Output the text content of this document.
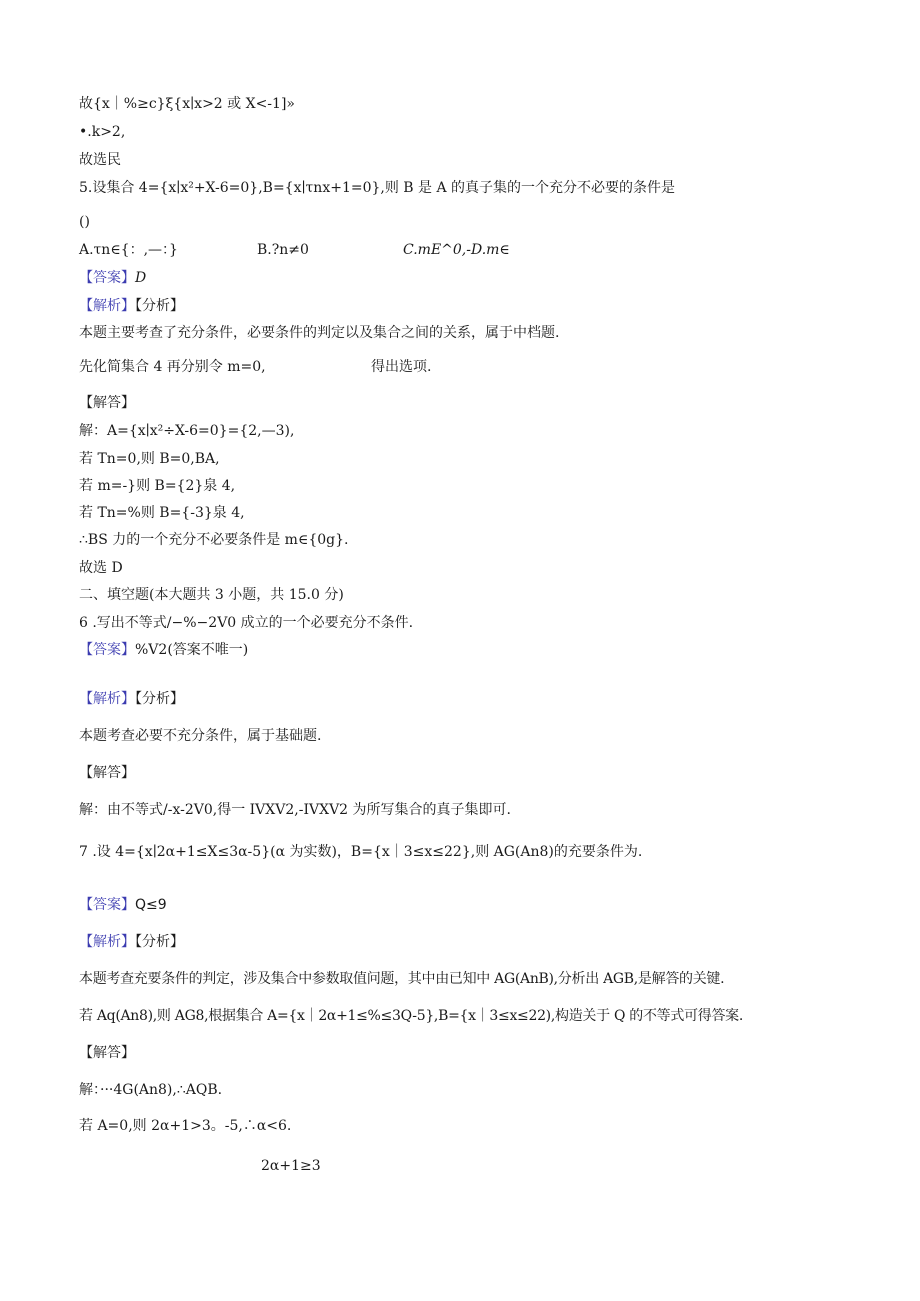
故{x｜%≥c}ξ{x∣x>2 或 X<-1]»
•.k>2,
故选民
5.设集合 4={x∣x²+X-6=0},B={x∣τnx+1=0},则 B 是 A 的真子集的一个充分不必要的条件是
()
A.τn∈{：,—：}	B.?n≠0	C.mE^0,-D.m∈
【答案】D
【解析】【分析】
本题主要考查了充分条件，必要条件的判定以及集合之间的关系，属于中档题.
先化简集合 4 再分别令 m=0,	得出选项.
【解答】
解：A={x∣x²÷X-6=0}={2,—3),
若 Tn=0,则 B=0,BA,
若 m=-}则 B={2}泉 4,
若 Tn=%则 B={-3}泉 4,
∴BS 力的一个充分不必要条件是 m∈{0g}.
故选 D
二、填空题(本大题共 3 小题，共 15.0 分)
6 .写出不等式/−%−2V0 成立的一个必要充分不条件.
【答案】%V2(答案不唯一)
【解析】【分析】
本题考查必要不充分条件，属于基础题.
【解答】
解：由不等式/-x-2V0,得一 IVXV2,-IVXV2 为所写集合的真子集即可.
7 .设 4={x∣2α+1≤X≤3α-5}(α 为实数)，B={x｜3≤x≤22},则 AG(An8)的充要条件为.
【答案】Q≤9
【解析】【分析】
本题考查充要条件的判定，涉及集合中参数取值问题，其中由已知中 AG(AnB),分析出 AGB,是解答的关键.
若 Aq(An8),则 AG8,根据集合 A={x｜2α+1≤%≤3Q-5},B={x｜3≤x≤22),构造关于 Q 的不等式可得答案.
【解答】
解：···4G(An8),∴AQB.
若 A=0,则 2α+1>3。-5,∴α<6.
2α+1≥3
